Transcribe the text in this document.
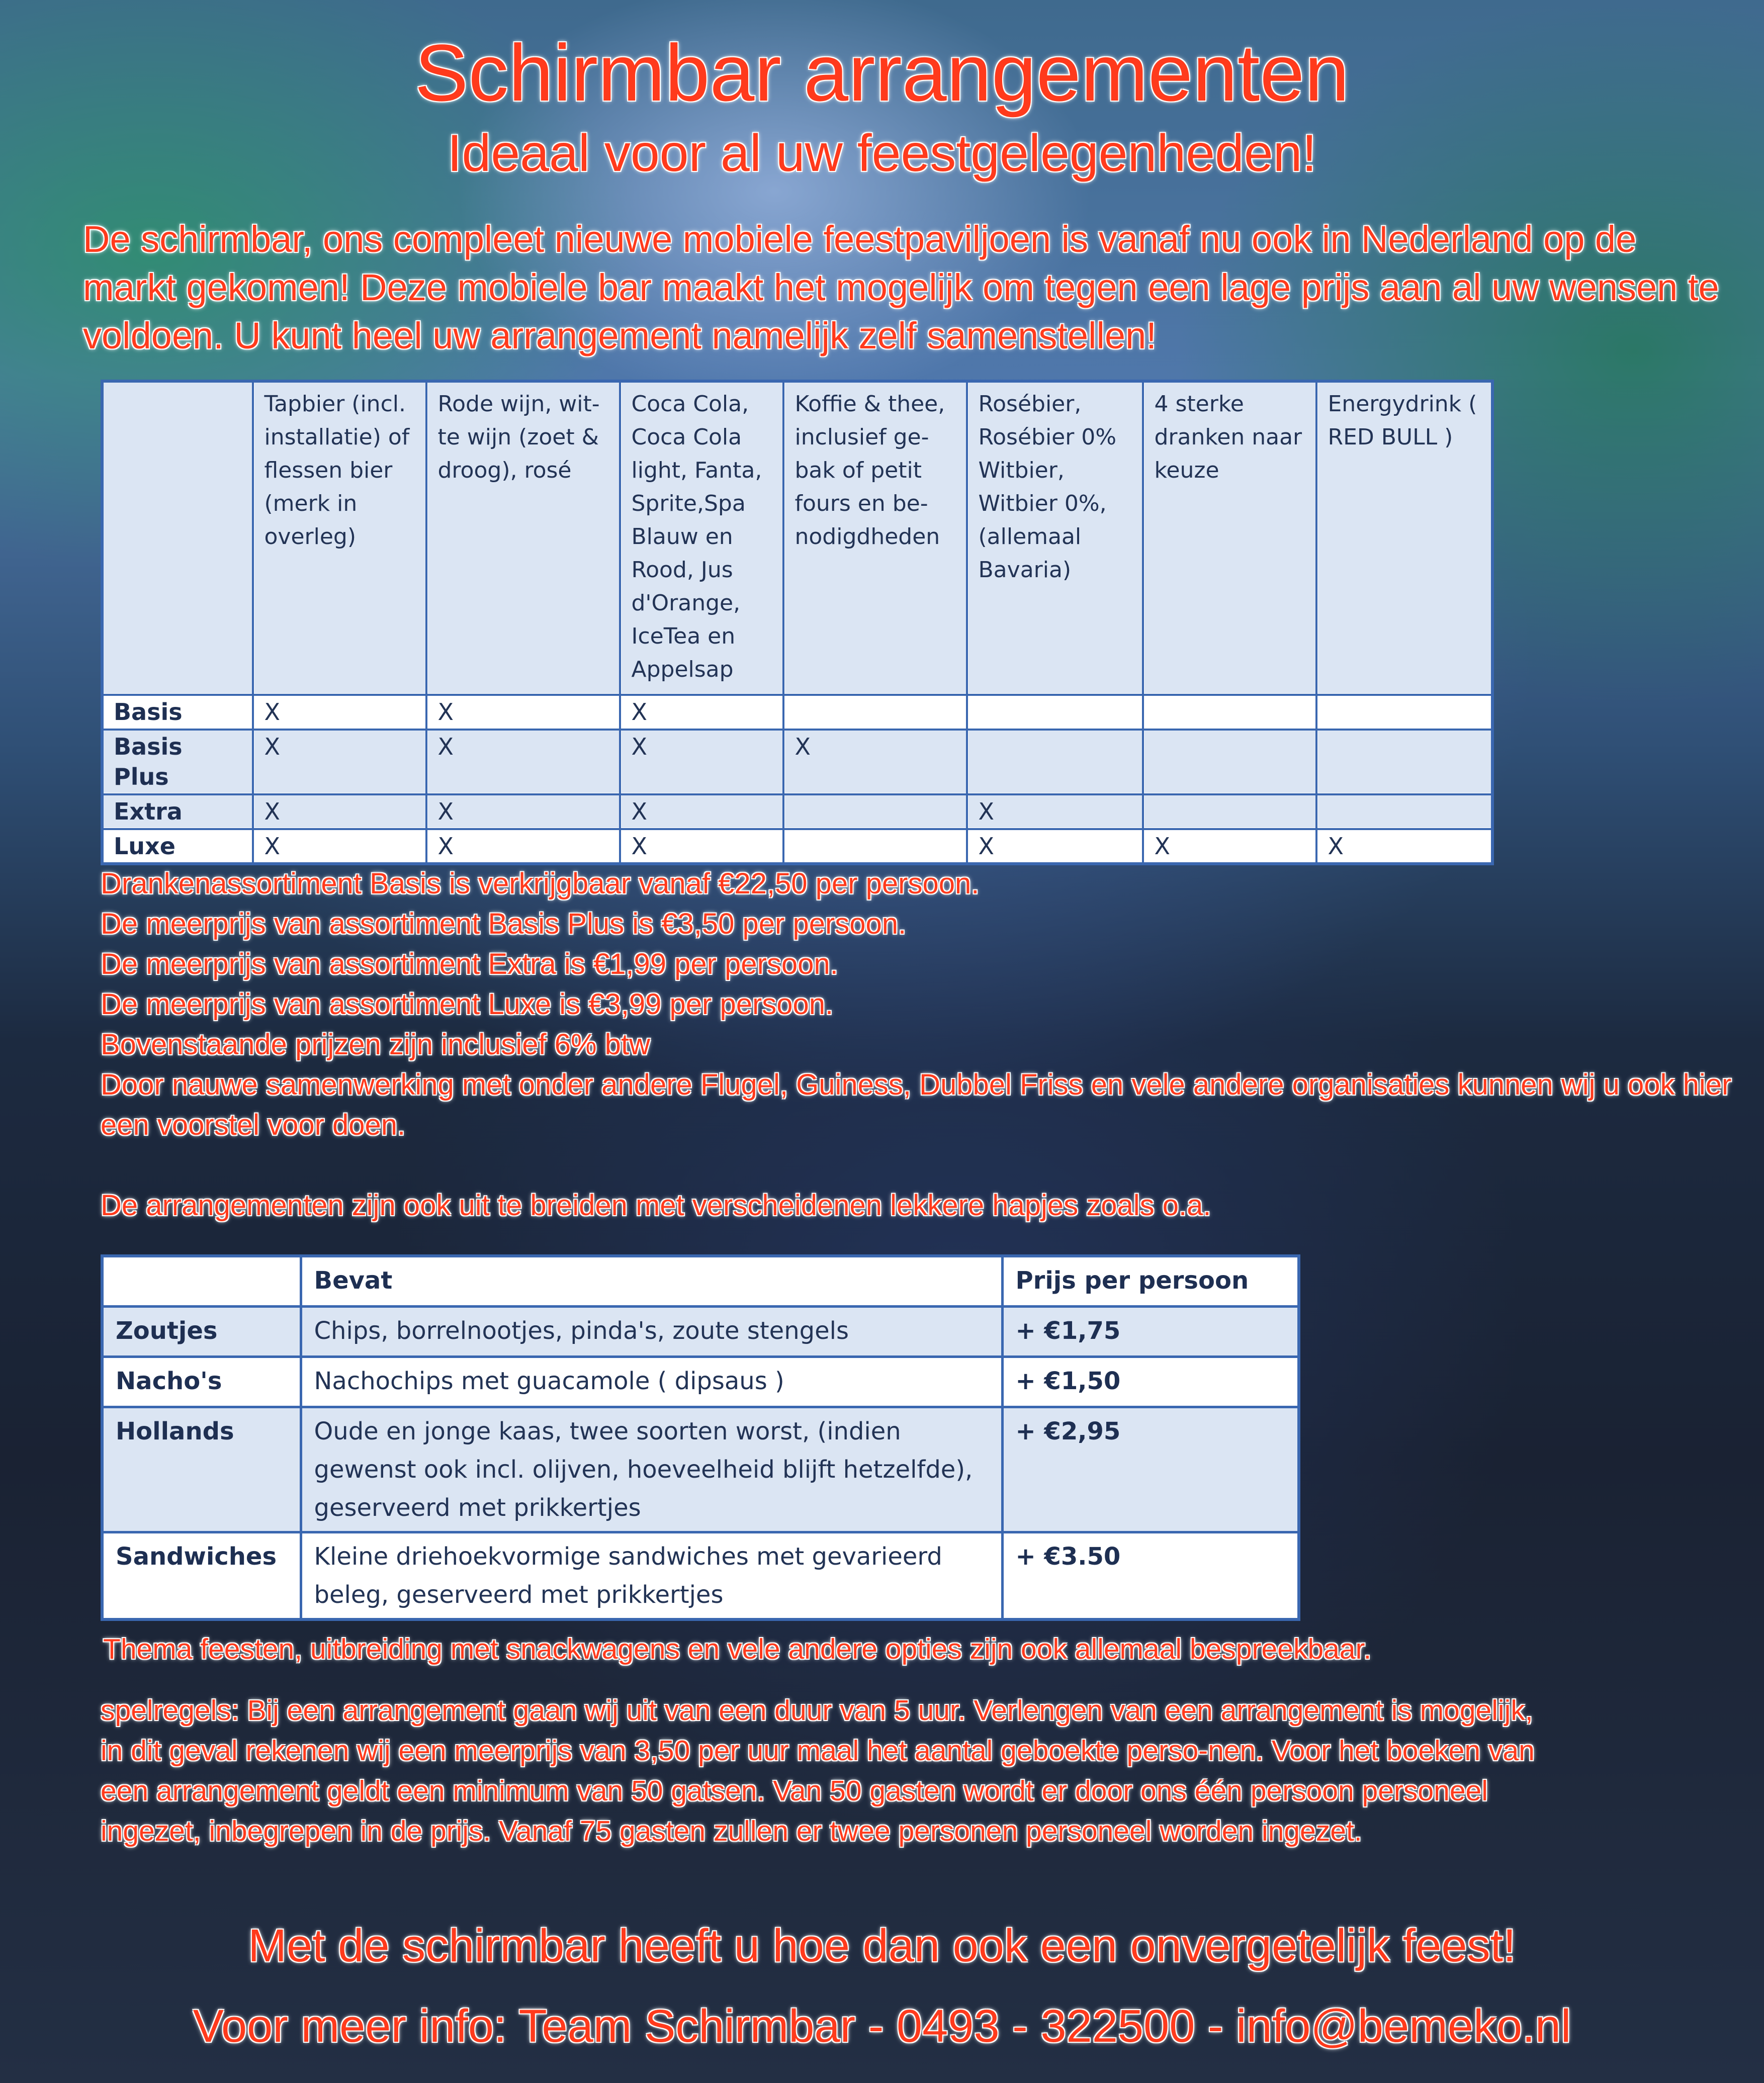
Schirmbar arrangementen
Ideaal voor al uw feestgelegenheden!
De schirmbar, ons compleet nieuwe mobiele feestpaviljoen is vanaf nu ook in Nederland op de markt gekomen! Deze mobiele bar maakt het mogelijk om tegen een lage prijs aan al uw wensen te voldoen. U kunt heel uw arrangement namelijk zelf samenstellen!
	Tapbier (incl. installatie) of flessen bier (merk in overleg)	Rode wijn, wit-te wijn (zoet & droog), rosé	Coca Cola, Coca Cola light, Fanta, Sprite,Spa Blauw en Rood, Jus d'Orange, IceTea en Appelsap	Koffie & thee, inclusief ge-bak of petit fours en be-nodigdheden	Rosébier, Rosébier 0% Witbier, Witbier 0%, (allemaal Bavaria)	4 sterke dranken naar keuze	Energydrink ( RED BULL )
Basis	X	X	X				
Basis Plus	X	X	X	X			
Extra	X	X	X		X		
Luxe	X	X	X		X	X	X

Drankenassortiment Basis is verkrijgbaar vanaf €22,50 per persoon.

De meerprijs van assortiment Basis Plus is €3,50 per persoon.

De meerprijs van assortiment Extra is €1,99 per persoon.

De meerprijs van assortiment Luxe is €3,99 per persoon.

Bovenstaande prijzen zijn inclusief 6% btw

Door nauwe samenwerking met onder andere Flugel, Guiness, Dubbel Friss en vele andere organisaties kunnen wij u ook hier een voorstel voor doen.

De arrangementen zijn ook uit te breiden met verscheidenen lekkere hapjes zoals o.a.

	Bevat	Prijs per persoon
Zoutjes	Chips, borrelnootjes, pinda's, zoute stengels	+ €1,75
Nacho's	Nachochips met guacamole ( dipsaus )	+ €1,50
Hollands	Oude en jonge kaas, twee soorten worst, (indien gewenst ook incl. olijven, hoeveelheid blijft hetzelfde), geserveerd met prikkertjes	+ €2,95
Sandwiches	Kleine driehoekvormige sandwiches met gevarieerd beleg, geserveerd met prikkertjes	+ €3.50
Thema feesten, uitbreiding met snackwagens en vele andere opties zijn ook allemaal bespreekbaar.
spelregels: Bij een arrangement gaan wij uit van een duur van 5 uur. Verlengen van een arrangement is mogelijk, in dit geval rekenen wij een meerprijs van 3,50 per uur maal het aantal geboekte perso-nen. Voor het boeken van een arrangement geldt een minimum van 50 gatsen. Van 50 gasten wordt er door ons één persoon personeel ingezet, inbegrepen in de prijs. Vanaf 75 gasten zullen er twee personen personeel worden ingezet.
Met de schirmbar heeft u hoe dan ook een onvergetelijk feest!
Voor meer info: Team Schirmbar - 0493 - 322500 - info@bemeko.nl
